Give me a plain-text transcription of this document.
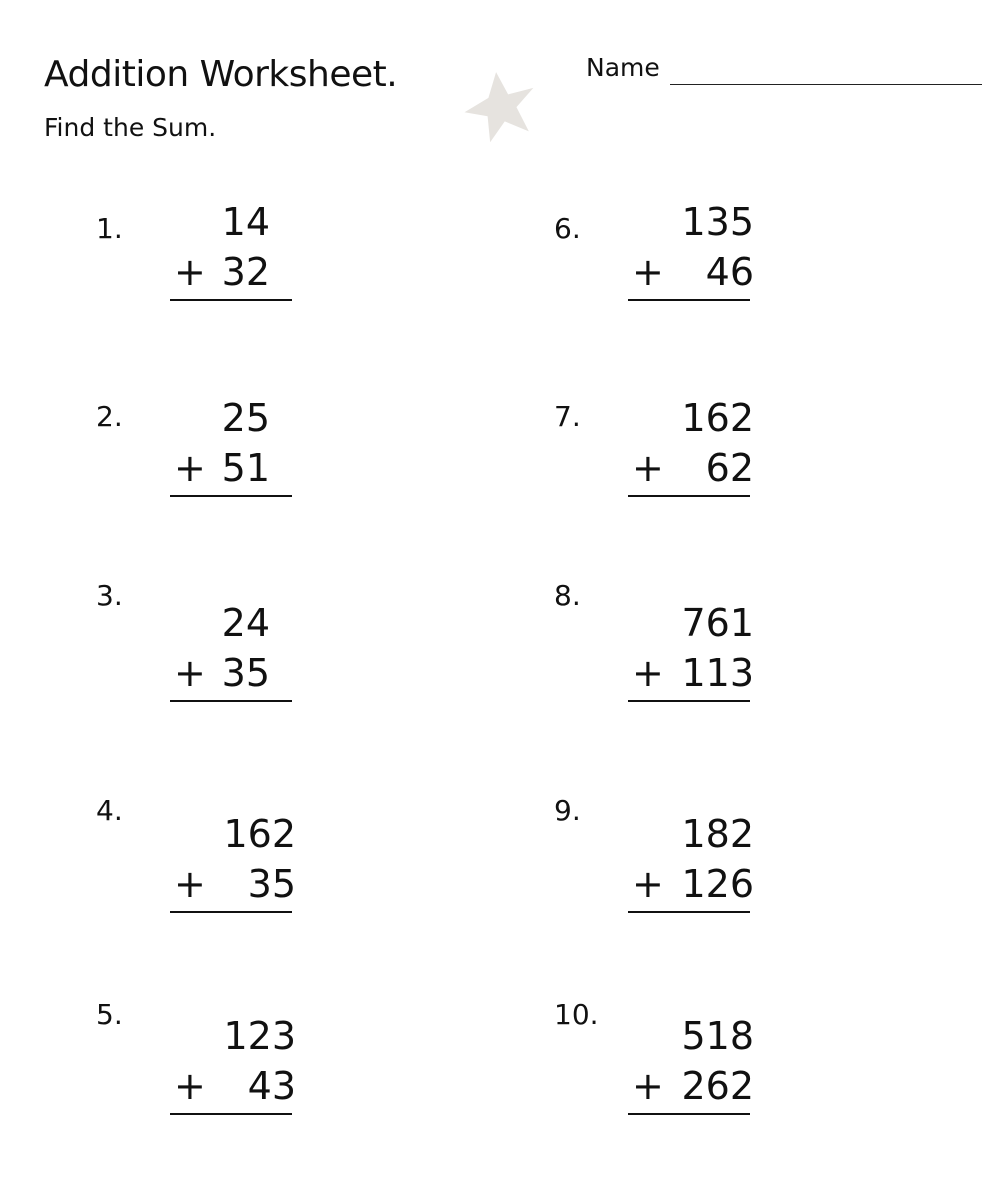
Addition Worksheet.
Find the Sum.
Name
1.	14
+ 32
2.	25
+ 51
3.
24
+ 35
4.
162
+ 35
5.	123
+ 43
6.	135
+ 46
7.	162
+ 62
8.
761
+ 113
9.
182
+ 126
10. 518
+ 262
